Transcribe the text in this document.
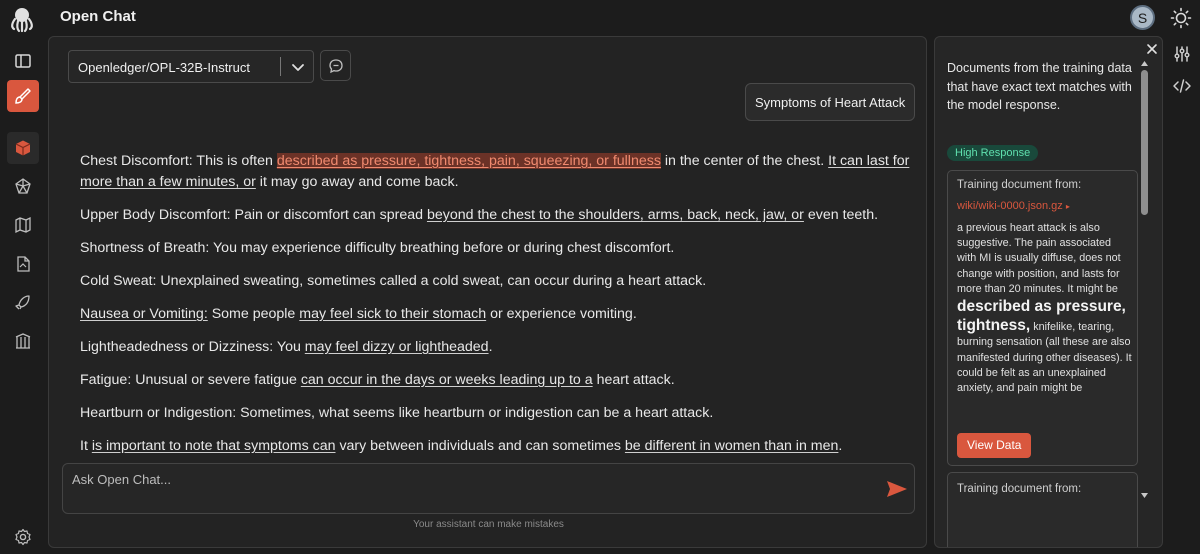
Open Chat	S
Openledger/OPL-32B-Instruct
Symptoms of Heart Attack

Chest Discomfort: This is often described as pressure, tightness, pain, squeezing, or fullness in the center of the chest. It can last for more than a few minutes, or it may go away and come back.

Upper Body Discomfort: Pain or discomfort can spread beyond the chest to the shoulders, arms, back, neck, jaw, or even teeth.

Shortness of Breath: You may experience difficulty breathing before or during chest discomfort.

Cold Sweat: Unexplained sweating, sometimes called a cold sweat, can occur during a heart attack.

Nausea or Vomiting: Some people may feel sick to their stomach or experience vomiting.

Lightheadedness or Dizziness: You may feel dizzy or lightheaded.

Fatigue: Unusual or severe fatigue can occur in the days or weeks leading up to a heart attack.

Heartburn or Indigestion: Sometimes, what seems like heartburn or indigestion can be a heart attack.

It is important to note that symptoms can vary between individuals and can sometimes be different in women than in men.

Ask Open Chat...
Your assistant can make mistakes
Documents from the training data that have exact text matches with the model response.
High Response
Training document from:
wiki/wiki-0000.json.gz ▸
a previous heart attack is also suggestive. The pain associated with MI is usually diffuse, does not change with position, and lasts for more than 20 minutes. It might be described as pressure, tightness, knifelike, tearing, burning sensation (all these are also manifested during other diseases). It could be felt as an unexplained anxiety, and pain might be
View Data
Training document from:
